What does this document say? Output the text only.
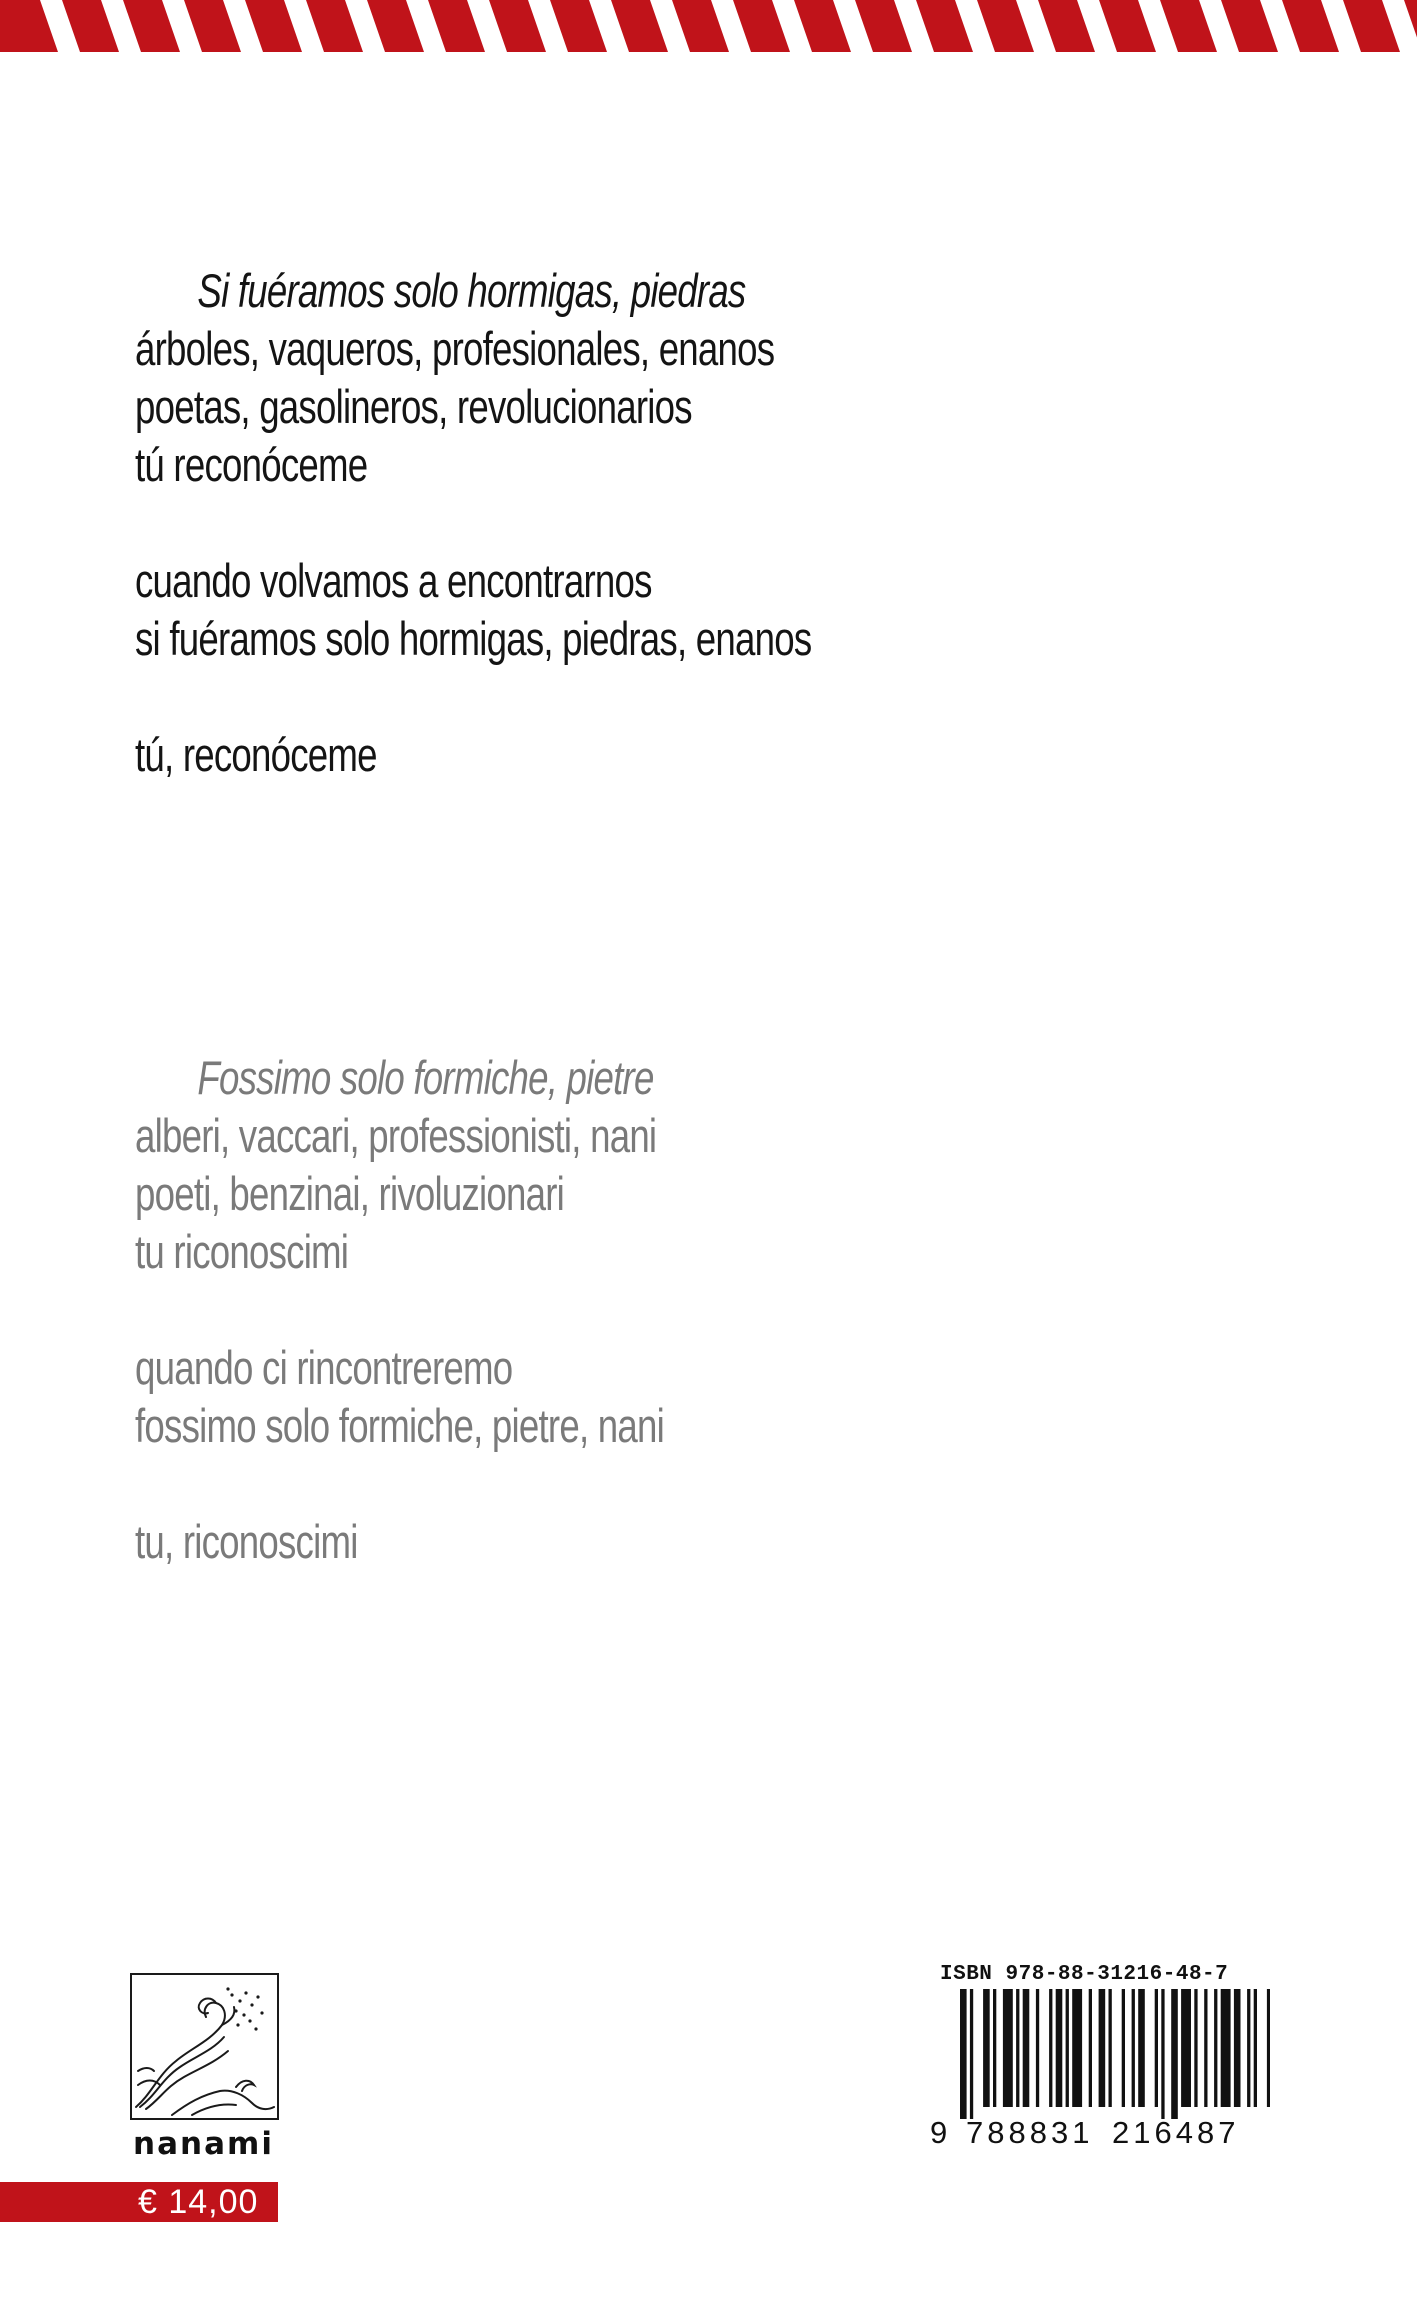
Si fuéramos solo hormigas, piedras
árboles, vaqueros, profesionales, enanos
poetas, gasolineros, revolucionarios
tú reconóceme
cuando volvamos a encontrarnos
si fuéramos solo hormigas, piedras, enanos
tú, reconóceme
Fossimo solo formiche, pietre
alberi, vaccari, professionisti, nani
poeti, benzinai, rivoluzionari
tu riconoscimi
quando ci rincontreremo
fossimo solo formiche, pietre, nani
tu, riconoscimi
nanami
€ 14,00
ISBN 978-88-31216-48-7
9 788831 216487
